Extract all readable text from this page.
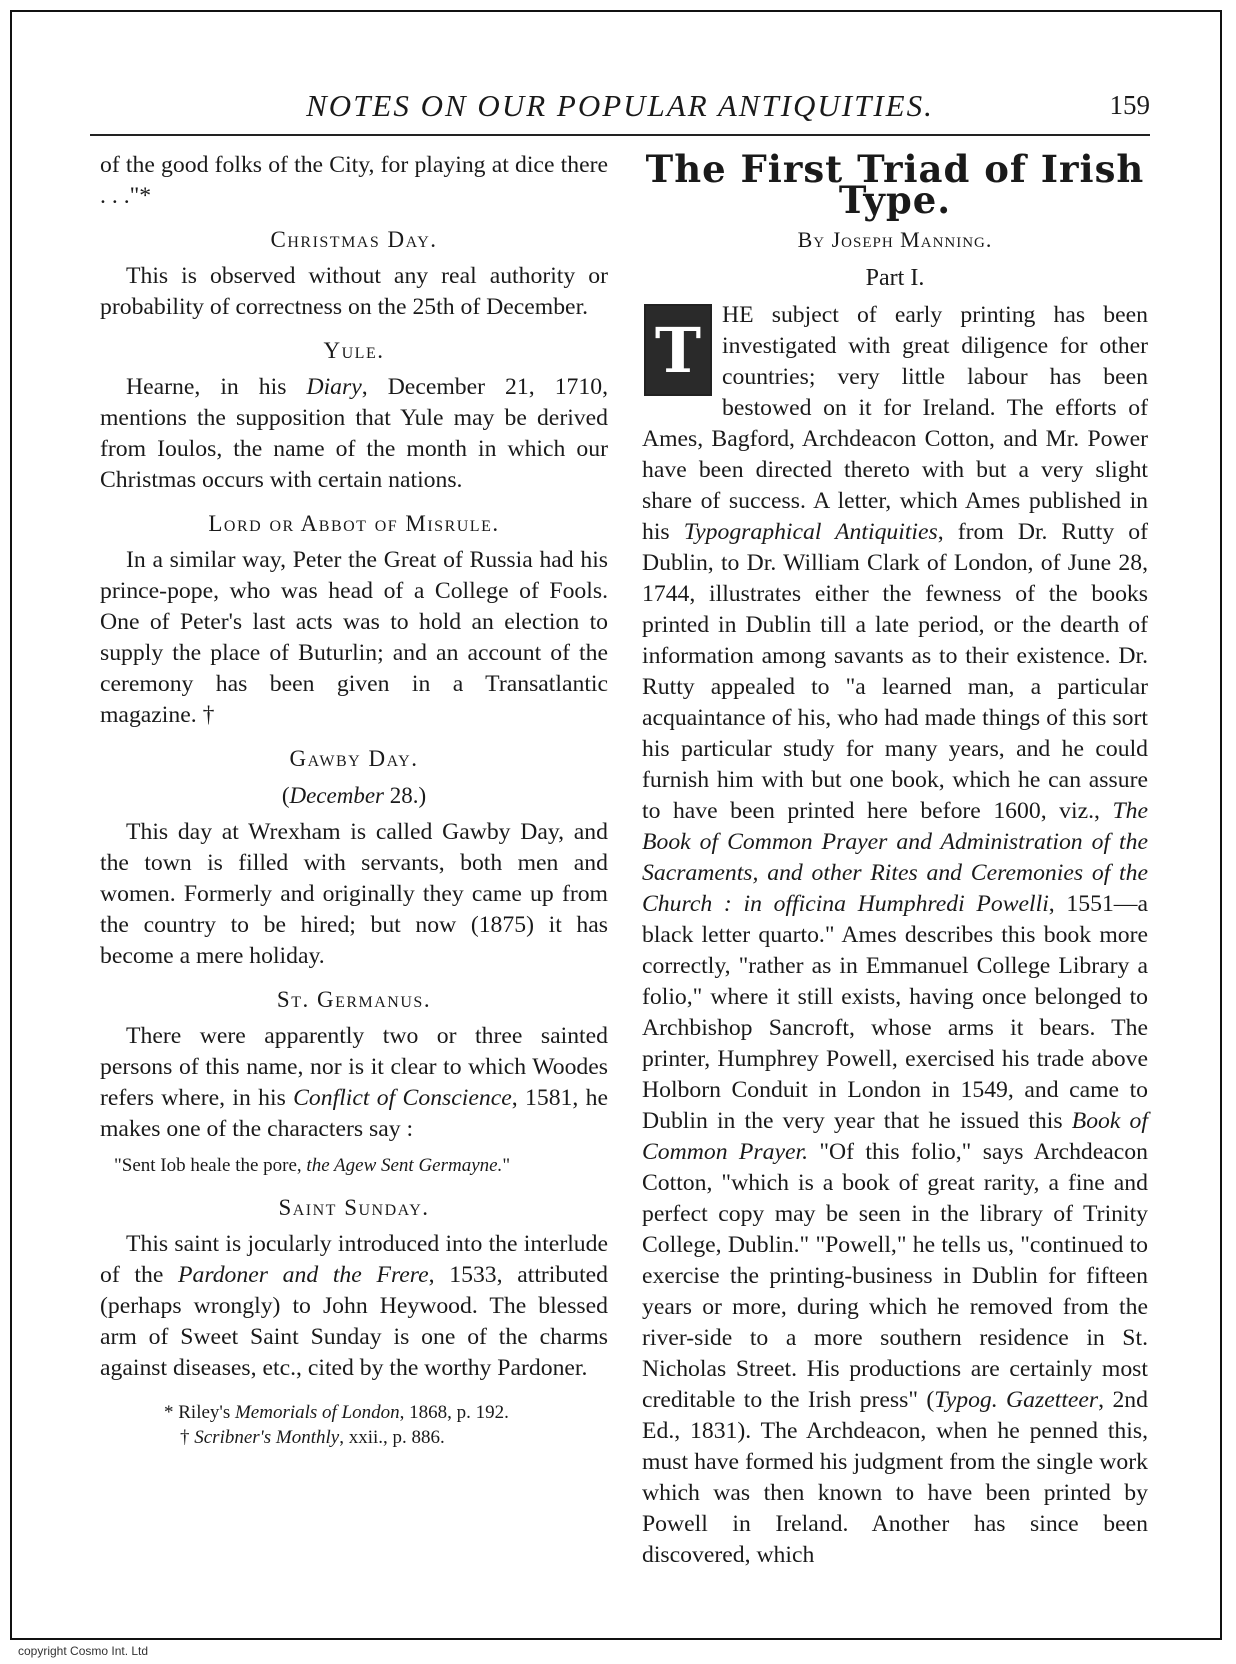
NOTES ON OUR POPULAR ANTIQUITIES.	159

of the good folks of the City, for playing at dice there . . ."*

Christmas Day.

This is observed without any real authority or probability of correctness on the 25th of December.

Yule.

Hearne, in his Diary, December 21, 1710, mentions the supposition that Yule may be derived from Ioulos, the name of the month in which our Christmas occurs with certain nations.

Lord or Abbot of Misrule.

In a similar way, Peter the Great of Russia had his prince-pope, who was head of a College of Fools. One of Peter's last acts was to hold an election to supply the place of Buturlin; and an account of the ceremony has been given in a Transatlantic magazine. †

Gawby Day.

(December 28.)

This day at Wrexham is called Gawby Day, and the town is filled with servants, both men and women. Formerly and originally they came up from the country to be hired; but now (1875) it has become a mere holiday.

St. Germanus.

There were apparently two or three sainted persons of this name, nor is it clear to which Woodes refers where, in his Conflict of Conscience, 1581, he makes one of the characters say :

"Sent Iob heale the pore, the Agew Sent Germayne."

Saint Sunday.

This saint is jocularly introduced into the interlude of the Pardoner and the Frere, 1533, attributed (perhaps wrongly) to John Heywood. The blessed arm of Sweet Saint Sunday is one of the charms against diseases, etc., cited by the worthy Pardoner.

* Riley's Memorials of London, 1868, p. 192.
† Scribner's Monthly, xxii., p. 886.

The First Triad of Irish Type.

By Joseph Manning.

Part I.

T HE subject of early printing has been investigated with great diligence for other countries; very little labour has been bestowed on it for Ireland. The efforts of Ames, Bagford, Archdeacon Cotton, and Mr. Power have been directed thereto with but a very slight share of success. A letter, which Ames published in his Typographical Antiquities, from Dr. Rutty of Dublin, to Dr. William Clark of London, of June 28, 1744, illustrates either the fewness of the books printed in Dublin till a late period, or the dearth of information among savants as to their existence. Dr. Rutty appealed to "a learned man, a particular acquaintance of his, who had made things of this sort his particular study for many years, and he could furnish him with but one book, which he can assure to have been printed here before 1600, viz., The Book of Common Prayer and Administration of the Sacraments, and other Rites and Ceremonies of the Church : in officina Humphredi Powelli, 1551—a black letter quarto." Ames describes this book more correctly, "rather as in Emmanuel College Library a folio," where it still exists, having once belonged to Archbishop Sancroft, whose arms it bears. The printer, Humphrey Powell, exercised his trade above Holborn Conduit in London in 1549, and came to Dublin in the very year that he issued this Book of Common Prayer. "Of this folio," says Archdeacon Cotton, "which is a book of great rarity, a fine and perfect copy may be seen in the library of Trinity College, Dublin." "Powell," he tells us, "continued to exercise the printing-business in Dublin for fifteen years or more, during which he removed from the river-side to a more southern residence in St. Nicholas Street. His productions are certainly most creditable to the Irish press" (Typog. Gazetteer, 2nd Ed., 1831). The Archdeacon, when he penned this, must have formed his judgment from the single work which was then known to have been printed by Powell in Ireland. Another has since been discovered, which

copyright Cosmo Int. Ltd
